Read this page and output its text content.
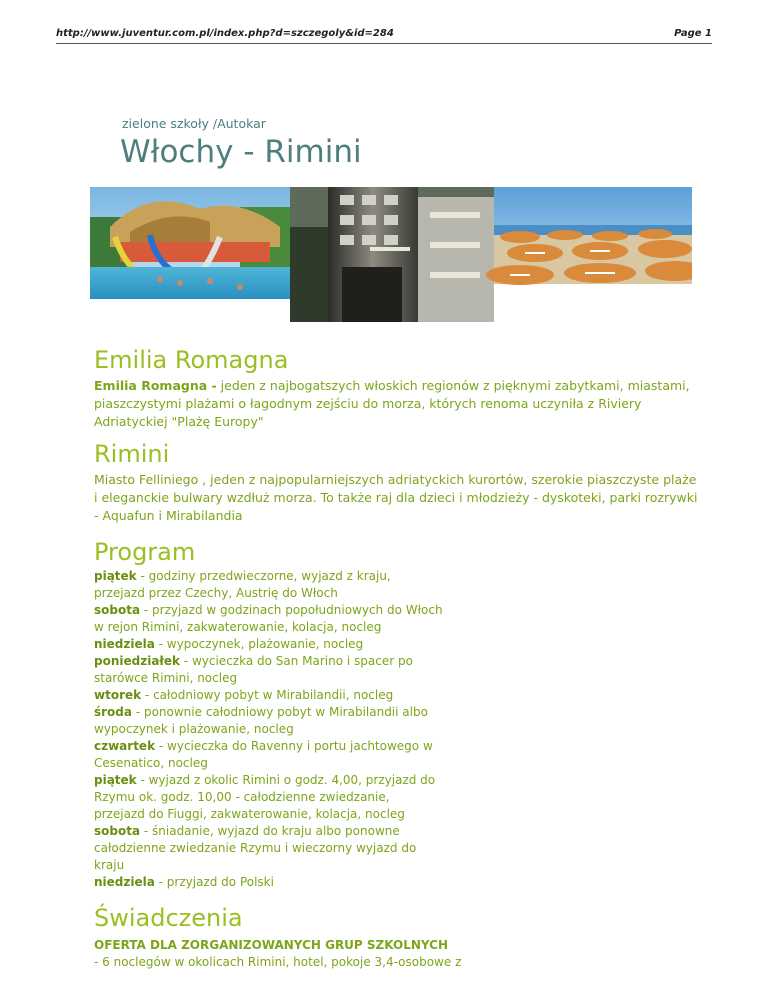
http://www.juventur.com.pl/index.php?d=szczegoly&id=284	Page 1
zielone szkoły /Autokar
Włochy - Rimini
Emilia Romagna

Emilia Romagna - jeden z najbogatszych włoskich regionów z pięknymi zabytkami, miastami, piaszczystymi plażami o łagodnym zejściu do morza, których renoma uczyniła z Riviery Adriatyckiej "Plażę Europy"

Rimini

Miasto Felliniego , jeden z najpopularniejszych adriatyckich kurortów, szerokie piaszczyste plaże i eleganckie bulwary wzdłuż morza. To także raj dla dzieci i młodzieży - dyskoteki, parki rozrywki - Aquafun i Mirabilandia

Program
piątek - godziny przedwieczorne, wyjazd z kraju, przejazd przez Czechy, Austrię do Włoch
sobota - przyjazd w godzinach popołudniowych do Włoch w rejon Rimini, zakwaterowanie, kolacja, nocleg
niedziela - wypoczynek, plażowanie, nocleg
poniedziałek - wycieczka do San Marino i spacer po starówce Rimini, nocleg
wtorek - całodniowy pobyt w Mirabilandii, nocleg
środa - ponownie całodniowy pobyt w Mirabilandii albo wypoczynek i plażowanie, nocleg
czwartek - wycieczka do Ravenny i portu jachtowego w Cesenatico, nocleg
piątek - wyjazd z okolic Rimini o godz. 4,00, przyjazd do Rzymu ok. godz. 10,00 - całodzienne zwiedzanie, przejazd do Fiuggi, zakwaterowanie, kolacja, nocleg
sobota - śniadanie, wyjazd do kraju albo ponowne całodzienne zwiedzanie Rzymu i wieczorny wyjazd do kraju
niedziela - przyjazd do Polski
Świadczenia
OFERTA DLA ZORGANIZOWANYCH GRUP SZKOLNYCH
- 6 noclegów w okolicach Rimini, hotel, pokoje 3,4-osobowe z
